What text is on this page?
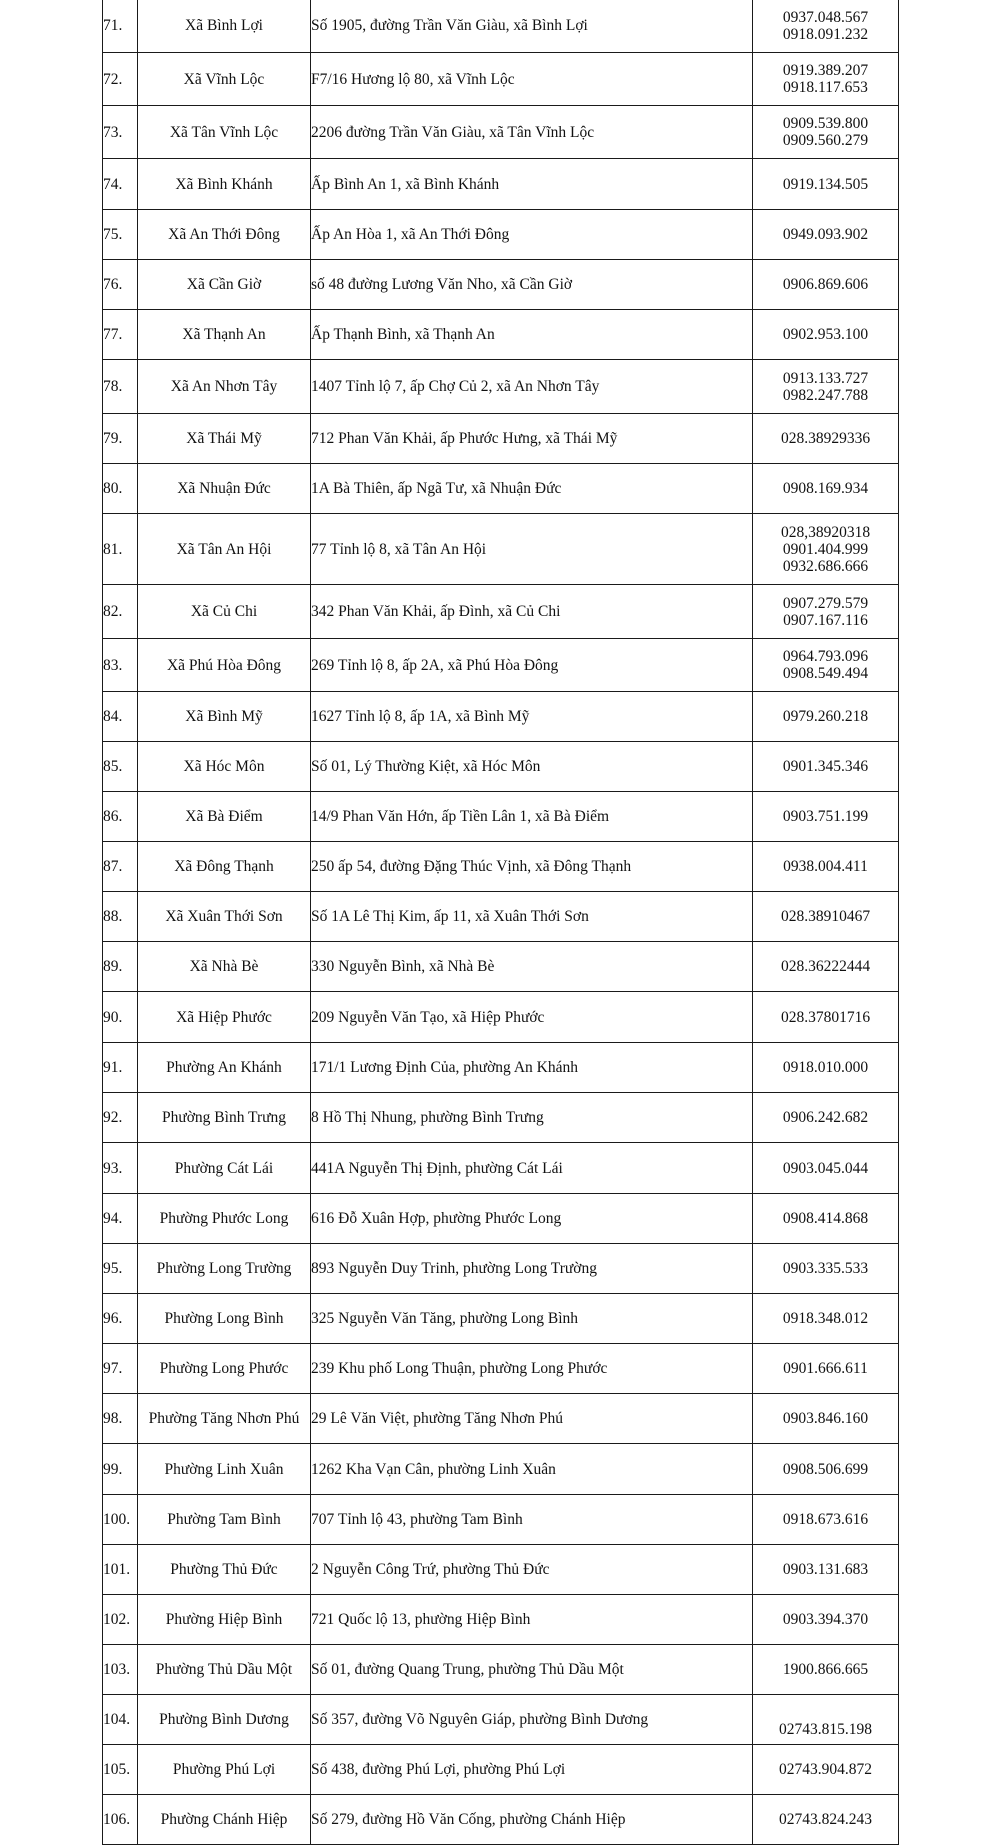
71.	Xã Bình Lợi	Số 1905, đường Trần Văn Giàu, xã Bình Lợi	0937.048.567
0918.091.232

72.	Xã Vĩnh Lộc	F7/16 Hương lộ 80, xã Vĩnh Lộc	0919.389.207
0918.117.653

73.	Xã Tân Vĩnh Lộc	2206 đường Trần Văn Giàu, xã Tân Vĩnh Lộc	0909.539.800
0909.560.279

74.	Xã Bình Khánh	Ấp Bình An 1, xã Bình Khánh	0919.134.505

75.	Xã An Thới Đông	Ấp An Hòa 1, xã An Thới Đông	0949.093.902

76.	Xã Cần Giờ	số 48 đường Lương Văn Nho, xã Cần Giờ	0906.869.606

77.	Xã Thạnh An	Ấp Thạnh Bình, xã Thạnh An	0902.953.100

78.	Xã An Nhơn Tây	1407 Tỉnh lộ 7, ấp Chợ Củ 2, xã An Nhơn Tây	0913.133.727
0982.247.788

79.	Xã Thái Mỹ	712 Phan Văn Khải, ấp Phước Hưng, xã Thái Mỹ	028.38929336

80.	Xã Nhuận Đức	1A Bà Thiên, ấp Ngã Tư, xã Nhuận Đức	0908.169.934

81.	Xã Tân An Hội	77 Tỉnh lộ 8, xã Tân An Hội	028,38920318
0901.404.999
0932.686.666

82.	Xã Củ Chi	342 Phan Văn Khải, ấp Đình, xã Củ Chi	0907.279.579
0907.167.116

83.	Xã Phú Hòa Đông	269 Tỉnh lộ 8, ấp 2A, xã Phú Hòa Đông	0964.793.096
0908.549.494

84.	Xã Bình Mỹ	1627 Tỉnh lộ 8, ấp 1A, xã Bình Mỹ	0979.260.218

85.	Xã Hóc Môn	Số 01, Lý Thường Kiệt, xã Hóc Môn	0901.345.346

86.	Xã Bà Điểm	14/9 Phan Văn Hớn, ấp Tiền Lân 1, xã Bà Điểm	0903.751.199

87.	Xã Đông Thạnh	250 ấp 54, đường Đặng Thúc Vịnh, xã Đông Thạnh	0938.004.411

88.	Xã Xuân Thới Sơn	Số 1A Lê Thị Kim, ấp 11, xã Xuân Thới Sơn	028.38910467

89.	Xã Nhà Bè	330 Nguyễn Bình, xã Nhà Bè	028.36222444

90.	Xã Hiệp Phước	209 Nguyễn Văn Tạo, xã Hiệp Phước	028.37801716

91.	Phường An Khánh	171/1 Lương Định Của, phường An Khánh	0918.010.000

92.	Phường Bình Trưng	8 Hồ Thị Nhung, phường Bình Trưng	0906.242.682

93.	Phường Cát Lái	441A Nguyễn Thị Định, phường Cát Lái	0903.045.044

94.	Phường Phước Long	616 Đỗ Xuân Hợp, phường Phước Long	0908.414.868

95.	Phường Long Trường	893 Nguyễn Duy Trinh, phường Long Trường	0903.335.533

96.	Phường Long Bình	325 Nguyễn Văn Tăng, phường Long Bình	0918.348.012

97.	Phường Long Phước	239 Khu phố Long Thuận, phường Long Phước	0901.666.611

98.	Phường Tăng Nhơn Phú	29 Lê Văn Việt, phường Tăng Nhơn Phú	0903.846.160

99.	Phường Linh Xuân	1262 Kha Vạn Cân, phường Linh Xuân	0908.506.699

100.	Phường Tam Bình	707 Tỉnh lộ 43, phường Tam Bình	0918.673.616

101.	Phường Thủ Đức	2 Nguyễn Công Trứ, phường Thủ Đức	0903.131.683

102.	Phường Hiệp Bình	721 Quốc lộ 13, phường Hiệp Bình	0903.394.370

103.	Phường Thủ Dầu Một	Số 01, đường Quang Trung, phường Thủ Dầu Một	1900.866.665

104.	Phường Bình Dương	Số 357, đường Võ Nguyên Giáp, phường Bình Dương	02743.815.198

105.	Phường Phú Lợi	Số 438, đường Phú Lợi, phường Phú Lợi	02743.904.872

106.	Phường Chánh Hiệp	Số 279, đường Hồ Văn Cống, phường Chánh Hiệp	02743.824.243
